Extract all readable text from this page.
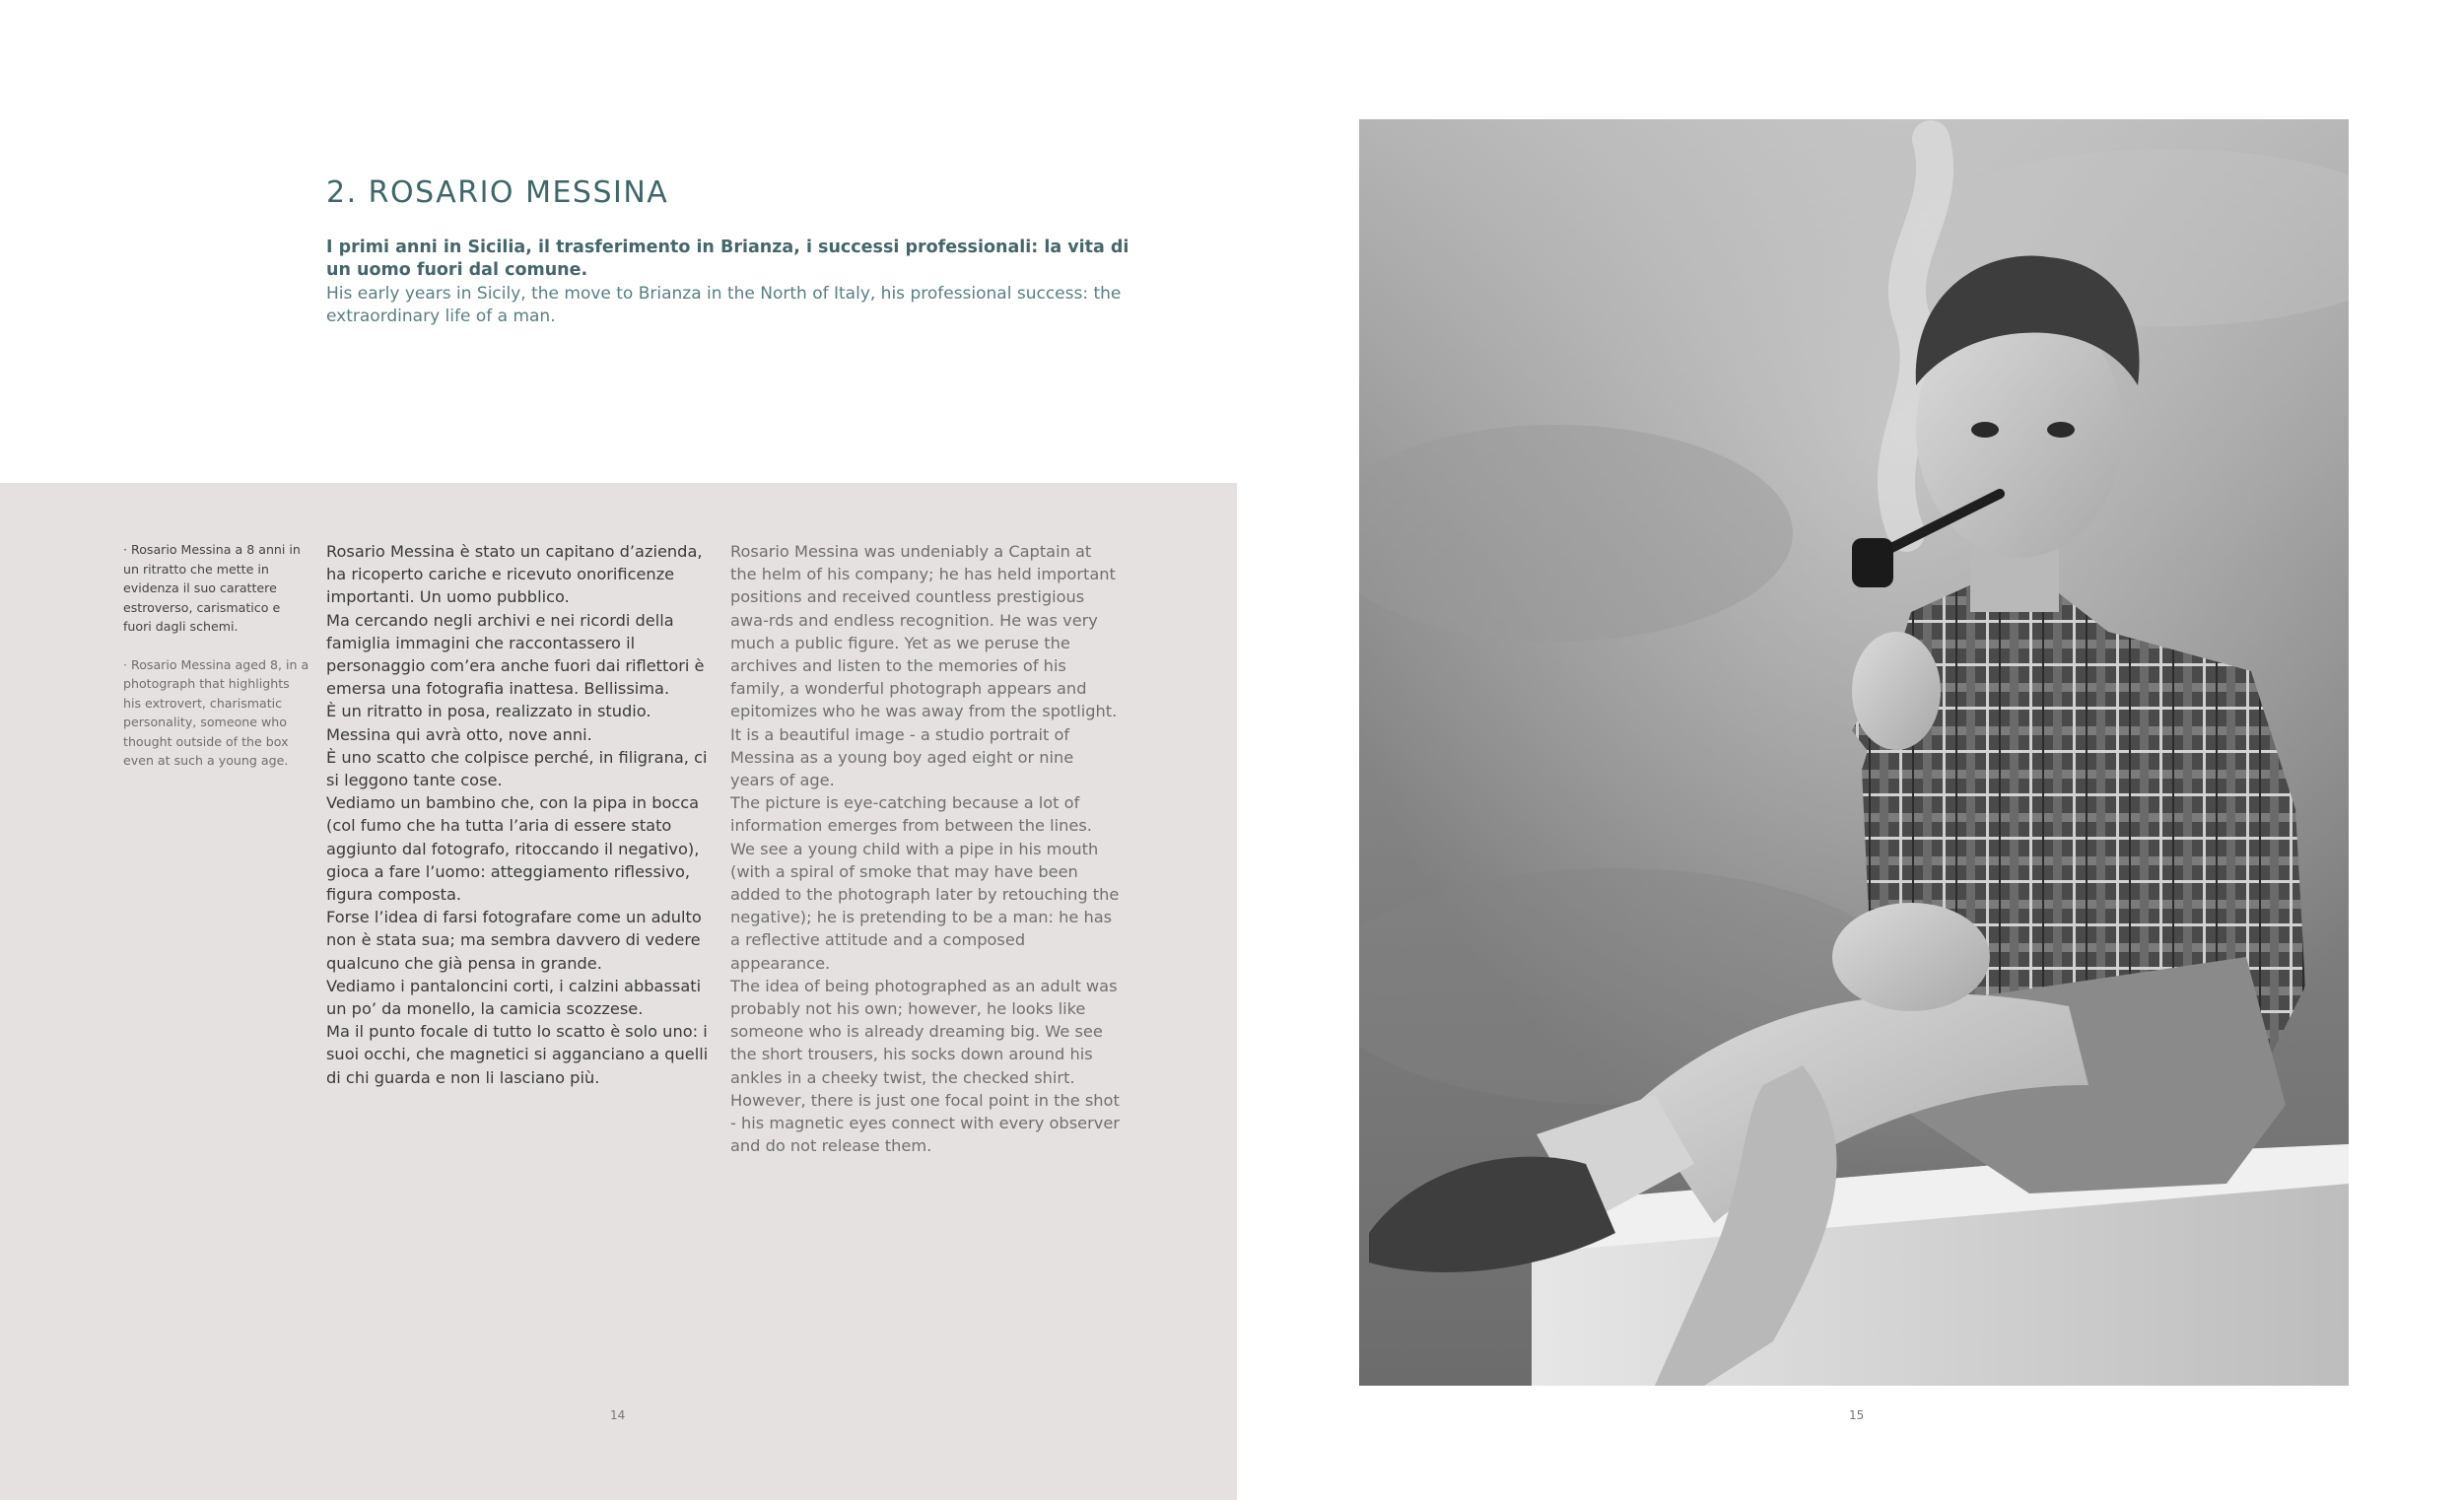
2. ROSARIO MESSINA
I primi anni in Sicilia, il trasferimento in Brianza, i successi professionali: la vita di un uomo fuori dal comune.
His early years in Sicily, the move to Brianza in the North of Italy, his professional success: the extraordinary life of a man.

· Rosario Messina a 8 anni in un ritratto che mette in evidenza il suo carattere estroverso, carismatico e fuori dagli schemi.

· Rosario Messina aged 8, in a photograph that highlights his extrovert, charismatic personality, someone who thought outside of the box even at such a young age.

Rosario Messina è stato un capitano d’azienda, ha ricoperto cariche e ricevuto onorificenze importanti. Un uomo pubblico.

Ma cercando negli archivi e nei ricordi della famiglia immagini che raccontassero il personaggio com’era anche fuori dai riflettori è emersa una fotografia inattesa. Bellissima.

È un ritratto in posa, realizzato in studio. Messina qui avrà otto, nove anni.

È uno scatto che colpisce perché, in filigrana, ci si leggono tante cose.

Vediamo un bambino che, con la pipa in bocca (col fumo che ha tutta l’aria di essere stato aggiunto dal fotografo, ritoccando il negativo), gioca a fare l’uomo: atteggiamento riflessivo, figura composta.

Forse l’idea di farsi fotografare come un adulto non è stata sua; ma sembra davvero di vedere qualcuno che già pensa in grande.

Vediamo i pantaloncini corti, i calzini abbassati un po’ da monello, la camicia scozzese.

Ma il punto focale di tutto lo scatto è solo uno: i suoi occhi, che magnetici si agganciano a quelli di chi guarda e non li lasciano più.

Rosario Messina was undeniably a Captain at the helm of his company; he has held important positions and received countless prestigious awa-rds and endless recognition. He was very much a public figure. Yet as we peruse the archives and listen to the memories of his family, a wonderful photograph appears and epitomizes who he was away from the spotlight.

It is a beautiful image - a studio portrait of Messina as a young boy aged eight or nine years of age.

The picture is eye-catching because a lot of information emerges from between the lines. We see a young child with a pipe in his mouth (with a spiral of smoke that may have been added to the photograph later by retouching the negative); he is pretending to be a man: he has a reflective attitude and a composed appearance.

The idea of being photographed as an adult was probably not his own; however, he looks like someone who is already dreaming big. We see the short trousers, his socks down around his ankles in a cheeky twist, the checked shirt.

However, there is just one focal point in the shot - his magnetic eyes connect with every observer and do not release them.

14	15
